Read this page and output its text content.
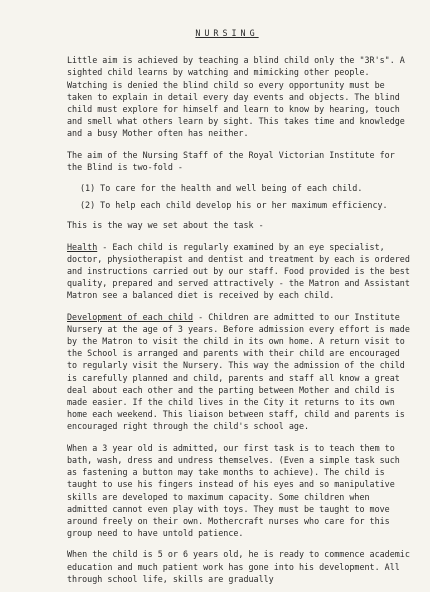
NURSING

Little aim is achieved by teaching a blind child only the "3R's". A sighted child learns by watching and mimicking other people. Watching is denied the blind child so every opportunity must be taken to explain in detail every day events and objects. The blind child must explore for himself and learn to know by hearing, touch and smell what others learn by sight. This takes time and knowledge and a busy Mother often has neither.

The aim of the Nursing Staff of the Royal Victorian Institute for the Blind is two-fold -

(1) To care for the health and well being of each child.
(2) To help each child develop his or her maximum efficiency.

This is the way we set about the task -

Health - Each child is regularly examined by an eye specialist, doctor, physiotherapist and dentist and treatment by each is ordered and instructions carried out by our staff. Food provided is the best quality, prepared and served attractively - the Matron and Assistant Matron see a balanced diet is received by each child.

Development of each child - Children are admitted to our Institute Nursery at the age of 3 years. Before admission every effort is made by the Matron to visit the child in its own home. A return visit to the School is arranged and parents with their child are encouraged to regularly visit the Nursery. This way the admission of the child is carefully planned and child, parents and staff all know a great deal about each other and the parting between Mother and child is made easier. If the child lives in the City it returns to its own home each weekend. This liaison between staff, child and parents is encouraged right through the child's school age.

When a 3 year old is admitted, our first task is to teach them to bath, wash, dress and undress themselves. (Even a simple task such as fastening a button may take months to achieve). The child is taught to use his fingers instead of his eyes and so manipulative skills are developed to maximum capacity. Some children when admitted cannot even play with toys. They must be taught to move around freely on their own. Mothercraft nurses who care for this group need to have untold patience.

When the child is 5 or 6 years old, he is ready to commence academic education and much patient work has gone into his development. All through school life, skills are gradually
